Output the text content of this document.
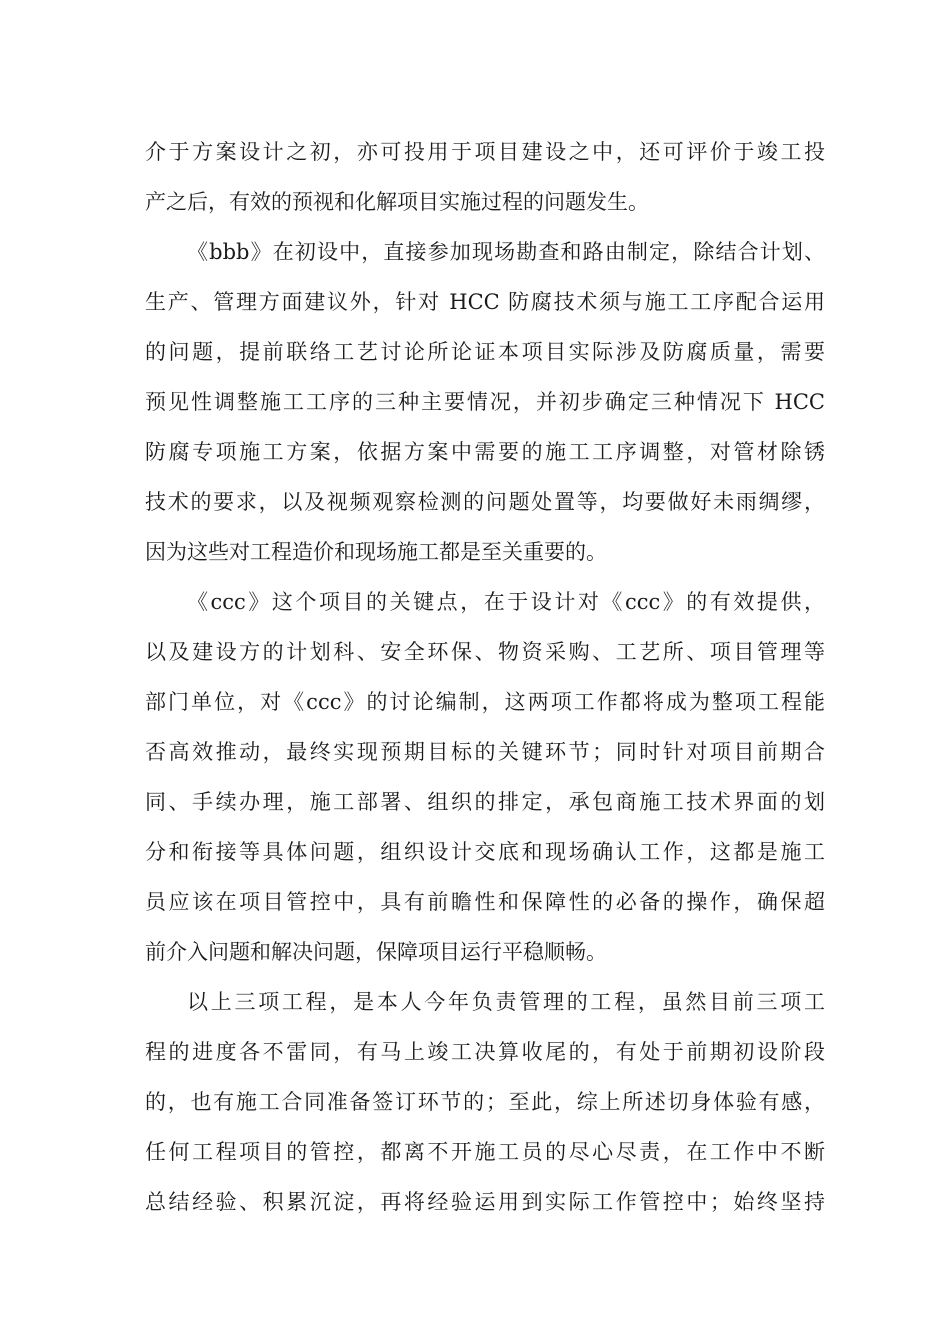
介于方案设计之初，亦可投用于项目建设之中，还可评价于竣工投
产之后，有效的预视和化解项目实施过程的问题发生。
《bbb》在初设中，直接参加现场勘查和路由制定，除结合计划、
生产、管理方面建议外，针对 HCC 防腐技术须与施工工序配合运用
的问题，提前联络工艺讨论所论证本项目实际涉及防腐质量，需要
预见性调整施工工序的三种主要情况，并初步确定三种情况下 HCC
防腐专项施工方案，依据方案中需要的施工工序调整，对管材除锈
技术的要求，以及视频观察检测的问题处置等，均要做好未雨绸缪，
因为这些对工程造价和现场施工都是至关重要的。
《ccc》这个项目的关键点，在于设计对《ccc》的有效提供，
以及建设方的计划科、安全环保、物资采购、工艺所、项目管理等
部门单位，对《ccc》的讨论编制，这两项工作都将成为整项工程能
否高效推动，最终实现预期目标的关键环节；同时针对项目前期合
同、手续办理，施工部署、组织的排定，承包商施工技术界面的划
分和衔接等具体问题，组织设计交底和现场确认工作，这都是施工
员应该在项目管控中，具有前瞻性和保障性的必备的操作，确保超
前介入问题和解决问题，保障项目运行平稳顺畅。
以上三项工程，是本人今年负责管理的工程，虽然目前三项工
程的进度各不雷同，有马上竣工决算收尾的，有处于前期初设阶段
的，也有施工合同准备签订环节的；至此，综上所述切身体验有感，
任何工程项目的管控，都离不开施工员的尽心尽责，在工作中不断
总结经验、积累沉淀，再将经验运用到实际工作管控中；始终坚持
